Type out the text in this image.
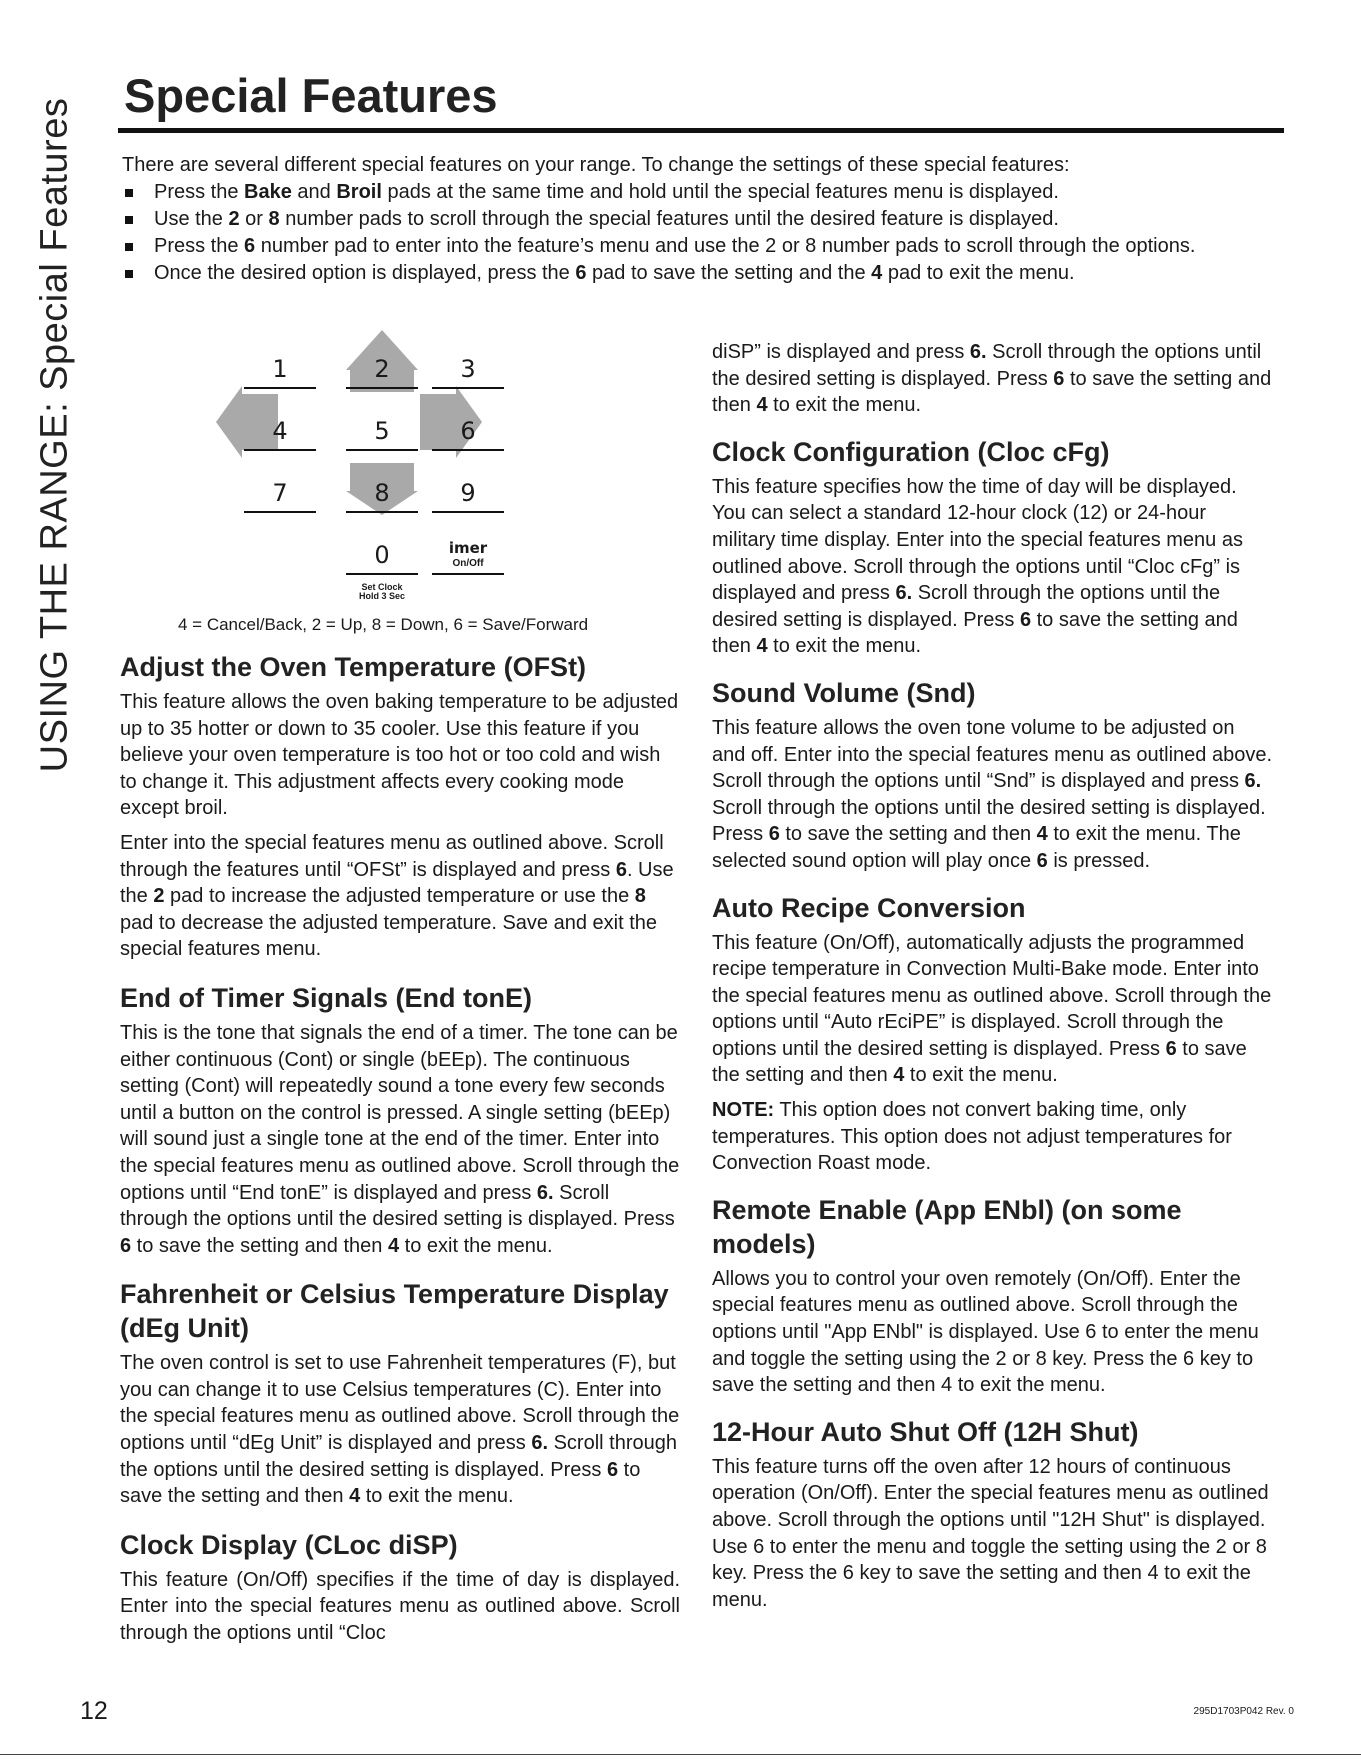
USING THE RANGE: Special Features
Special Features

There are several different special features on your range. To change the settings of these special features:

Press the Bake and Broil pads at the same time and hold until the special features menu is displayed.
Use the 2 or 8 number pads to scroll through the special features until the desired feature is displayed.
Press the 6 number pad to enter into the feature’s menu and use the 2 or 8 number pads to scroll through the options.
Once the desired option is displayed, press the 6 pad to save the setting and the 4 pad to exit the menu.
1	2	3
4	5	6
7	8	9
0	imer
On/Off
Set Clock
Hold 3 Sec
4 = Cancel/Back, 2 = Up, 8 = Down, 6 = Save/Forward
Adjust the Oven Temperature (OFSt)

This feature allows the oven baking temperature to be adjusted up to 35 hotter or down to 35 cooler. Use this feature if you believe your oven temperature is too hot or too cold and wish to change it. This adjustment affects every cooking mode except broil.

Enter into the special features menu as outlined above. Scroll through the features until “OFSt” is displayed and press 6. Use the 2 pad to increase the adjusted temperature or use the 8 pad to decrease the adjusted temperature. Save and exit the special features menu.

End of Timer Signals (End tonE)

This is the tone that signals the end of a timer. The tone can be either continuous (Cont) or single (bEEp). The continuous setting (Cont) will repeatedly sound a tone every few seconds until a button on the control is pressed. A single setting (bEEp) will sound just a single tone at the end of the timer. Enter into the special features menu as outlined above. Scroll through the options until “End tonE” is displayed and press 6. Scroll through the options until the desired setting is displayed. Press 6 to save the setting and then 4 to exit the menu.

Fahrenheit or Celsius Temperature Display (dEg Unit)

The oven control is set to use Fahrenheit temperatures (F), but you can change it to use Celsius temperatures (C). Enter into the special features menu as outlined above. Scroll through the options until “dEg Unit” is displayed and press 6. Scroll through the options until the desired setting is displayed. Press 6 to save the setting and then 4 to exit the menu.

Clock Display (CLoc diSP)

This feature (On/Off) specifies if the time of day is displayed. Enter into the special features menu as outlined above. Scroll through the options until “Cloc

diSP” is displayed and press 6. Scroll through the options until the desired setting is displayed. Press 6 to save the setting and then 4 to exit the menu.

Clock Configuration (Cloc cFg)

This feature specifies how the time of day will be displayed. You can select a standard 12-hour clock (12) or 24-hour military time display. Enter into the special features menu as outlined above. Scroll through the options until “Cloc cFg” is displayed and press 6. Scroll through the options until the desired setting is displayed. Press 6 to save the setting and then 4 to exit the menu.

Sound Volume (Snd)

This feature allows the oven tone volume to be adjusted on and off. Enter into the special features menu as outlined above. Scroll through the options until “Snd” is displayed and press 6. Scroll through the options until the desired setting is displayed. Press 6 to save the setting and then 4 to exit the menu. The selected sound option will play once 6 is pressed.

Auto Recipe Conversion

This feature (On/Off), automatically adjusts the programmed recipe temperature in Convection Multi-Bake mode. Enter into the special features menu as outlined above. Scroll through the options until “Auto rEciPE” is displayed. Scroll through the options until the desired setting is displayed. Press 6 to save the setting and then 4 to exit the menu.

NOTE: This option does not convert baking time, only temperatures. This option does not adjust temperatures for Convection Roast mode.

Remote Enable (App ENbl) (on some models)

Allows you to control your oven remotely (On/Off). Enter the special features menu as outlined above. Scroll through the options until "App ENbl" is displayed. Use 6 to enter the menu and toggle the setting using the 2 or 8 key. Press the 6 key to save the setting and then 4 to exit the menu.

12-Hour Auto Shut Off (12H Shut)

This feature turns off the oven after 12 hours of continuous operation (On/Off). Enter the special features menu as outlined above. Scroll through the options until "12H Shut" is displayed. Use 6 to enter the menu and toggle the setting using the 2 or 8 key. Press the 6 key to save the setting and then 4 to exit the menu.

12	295D1703P042 Rev. 0
